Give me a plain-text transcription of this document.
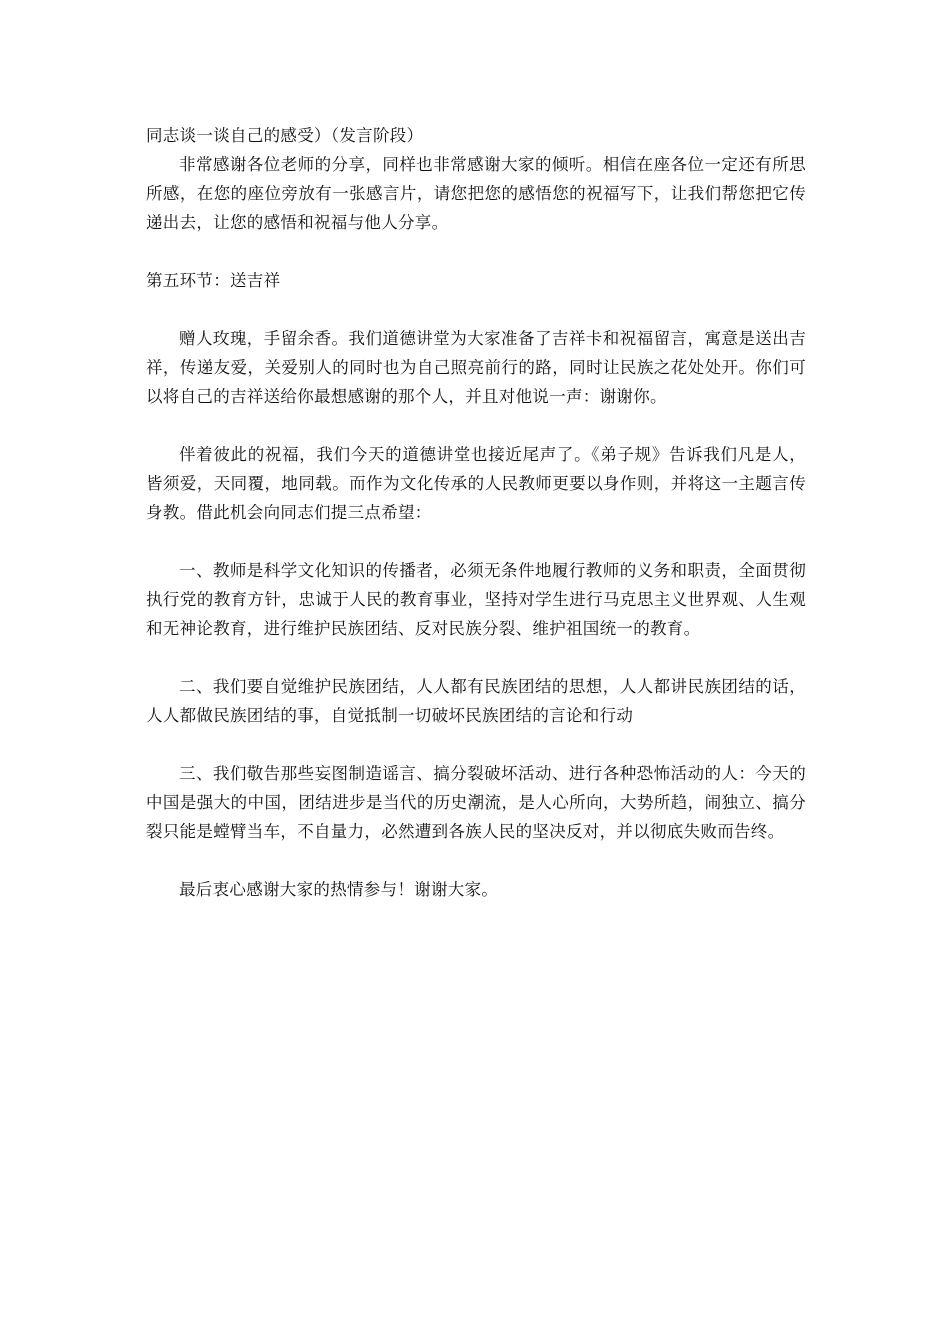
同志谈一谈自己的感受）（发言阶段）

非常感谢各位老师的分享，同样也非常感谢大家的倾听。相信在座各位一定还有所思所感，在您的座位旁放有一张感言片，请您把您的感悟您的祝福写下，让我们帮您把它传递出去，让您的感悟和祝福与他人分享。

第五环节：送吉祥

赠人玫瑰，手留余香。我们道德讲堂为大家准备了吉祥卡和祝福留言，寓意是送出吉祥，传递友爱，关爱别人的同时也为自己照亮前行的路，同时让民族之花处处开。你们可以将自己的吉祥送给你最想感谢的那个人，并且对他说一声：谢谢你。

伴着彼此的祝福，我们今天的道德讲堂也接近尾声了。《弟子规》告诉我们凡是人，皆须爱，天同覆，地同载。而作为文化传承的人民教师更要以身作则，并将这一主题言传身教。借此机会向同志们提三点希望：

一、教师是科学文化知识的传播者，必须无条件地履行教师的义务和职责，全面贯彻执行党的教育方针，忠诚于人民的教育事业，坚持对学生进行马克思主义世界观、人生观和无神论教育，进行维护民族团结、反对民族分裂、维护祖国统一的教育。

二、我们要自觉维护民族团结，人人都有民族团结的思想，人人都讲民族团结的话，人人都做民族团结的事，自觉抵制一切破坏民族团结的言论和行动

三、我们敬告那些妄图制造谣言、搞分裂破坏活动、进行各种恐怖活动的人：今天的中国是强大的中国，团结进步是当代的历史潮流，是人心所向，大势所趋，闹独立、搞分裂只能是螳臂当车，不自量力，必然遭到各族人民的坚决反对，并以彻底失败而告终。

最后衷心感谢大家的热情参与！谢谢大家。
